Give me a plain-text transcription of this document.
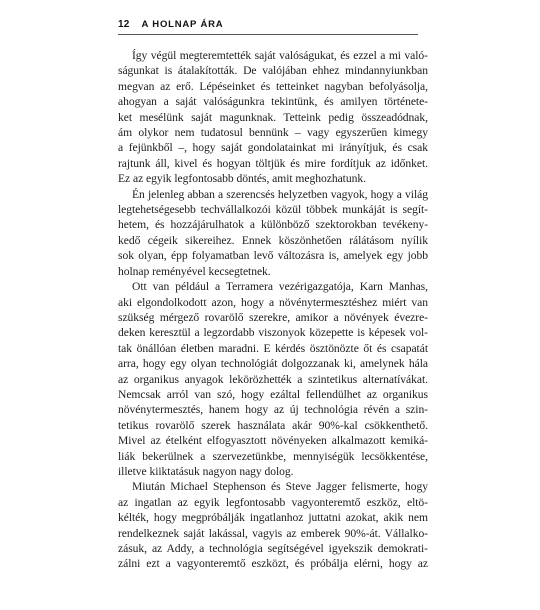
12 A HOLNAP ÁRA

Így végül megteremtették saját valóságukat, és ezzel a mi való-
ságunkat is átalakították. De valójában ehhez mindannyiunkban
megvan az erő. Lépéseinket és tetteinket nagyban befolyásolja,
ahogyan a saját valóságunkra tekintünk, és amilyen története-
ket mesélünk saját magunknak. Tetteink pedig összeadódnak,
ám olykor nem tudatosul bennünk – vagy egyszerűen kimegy
a fejünkből –, hogy saját gondolatainkat mi irányítjuk, és csak
rajtunk áll, kivel és hogyan töltjük és mire fordítjuk az időnket.
Ez az egyik legfontosabb döntés, amit meghozhatunk.

Én jelenleg abban a szerencsés helyzetben vagyok, hogy a világ
legtehetségesebb techvállalkozói közül többek munkáját is segít-
hetem, és hozzájárulhatok a különböző szektorokban tevékeny-
kedő cégeik sikereihez. Ennek köszönhetően rálátásom nyílik
sok olyan, épp folyamatban levő változásra is, amelyek egy jobb
holnap reményével kecsegtetnek.

Ott van például a Terramera vezérigazgatója, Karn Manhas,
aki elgondolkodott azon, hogy a növénytermesztéshez miért van
szükség mérgező rovarölő szerekre, amikor a növények évezre-
deken keresztül a legzordabb viszonyok közepette is képesek vol-
tak önállóan életben maradni. E kérdés ösztönözte őt és csapatát
arra, hogy egy olyan technológiát dolgozzanak ki, amelynek hála
az organikus anyagok lekörözhették a szintetikus alternatívákat.
Nemcsak arról van szó, hogy ezáltal fellendülhet az organikus
növénytermesztés, hanem hogy az új technológia révén a szin-
tetikus rovarölő szerek használata akár 90%-kal csökkenthető.
Mivel az ételként elfogyasztott növényeken alkalmazott kemiká-
liák bekerülnek a szervezetünkbe, mennyiségük lecsökkentése,
illetve kiiktatásuk nagyon nagy dolog.

Miután Michael Stephenson és Steve Jagger felismerte, hogy
az ingatlan az egyik legfontosabb vagyonteremtő eszköz, eltö-
kélték, hogy megpróbálják ingatlanhoz juttatni azokat, akik nem
rendelkeznek saját lakással, vagyis az emberek 90%-át. Vállalko-
zásuk, az Addy, a technológia segítségével igyekszik demokrati-
zálni ezt a vagyonteremtő eszközt, és próbálja elérni, hogy az
